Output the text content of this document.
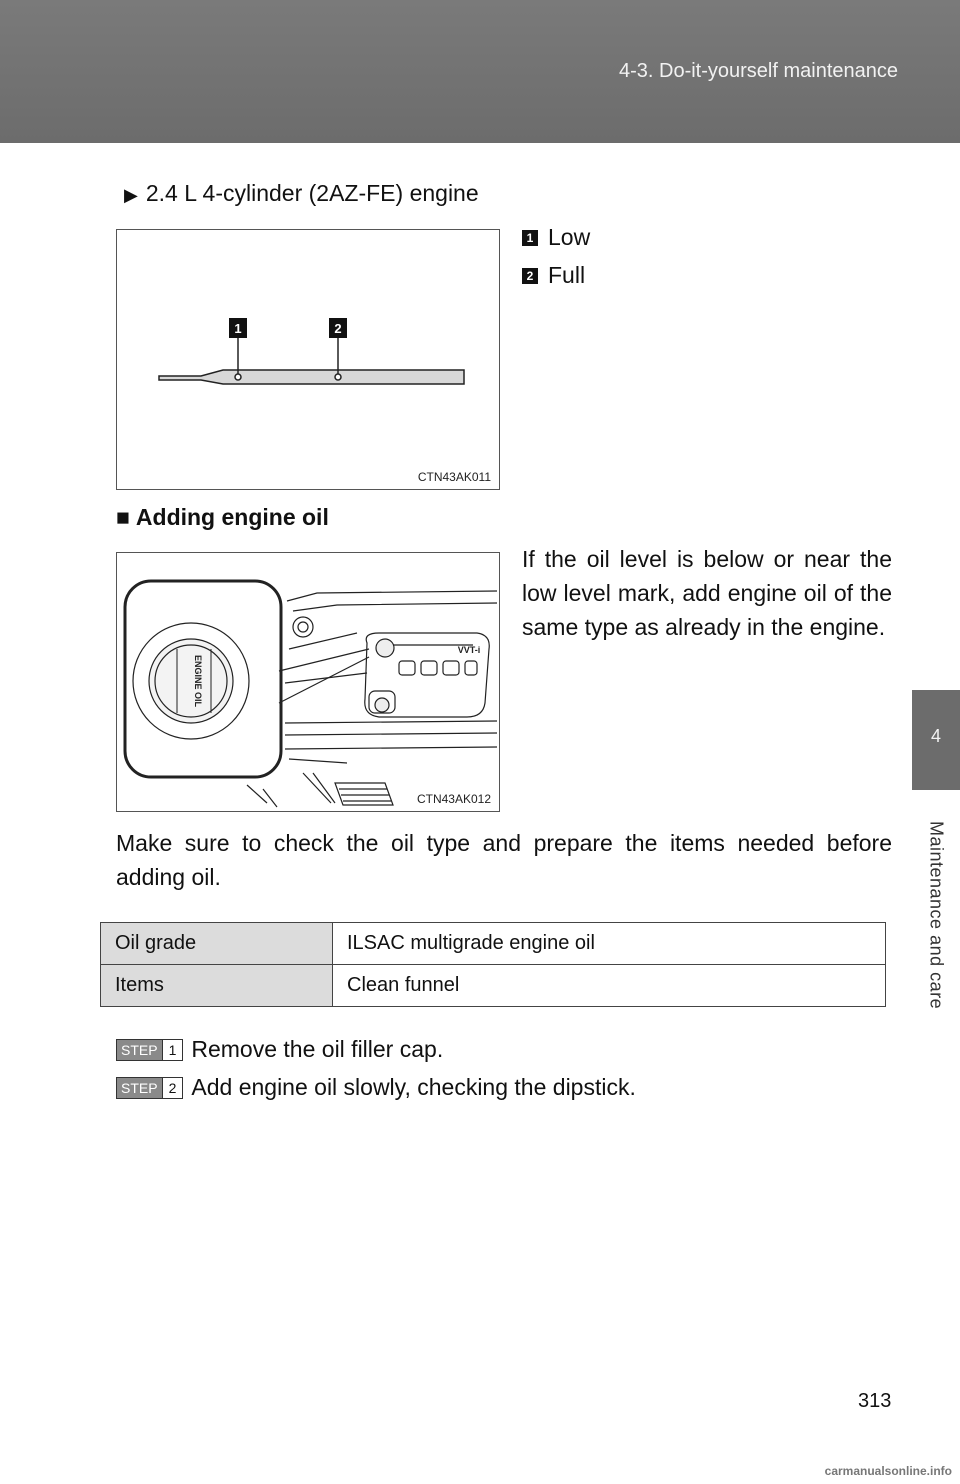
4-3. Do-it-yourself maintenance
4
Maintenance and care
▶ 2.4 L 4-cylinder (2AZ-FE) engine
1	2
CTN43AK011
1 Low
2 Full
■ Adding engine oil
ENGINE OIL
VVT-i
CTN43AK012
If the oil level is below or near the low level mark, add engine oil of the same type as already in the engine.
Make sure to check the oil type and prepare the items needed before adding oil.
Oil grade	ILSAC multigrade engine oil
Items	Clean funnel
STEP 1 Remove the oil filler cap.
STEP 2 Add engine oil slowly, checking the dipstick.
313
carmanualsonline.info
